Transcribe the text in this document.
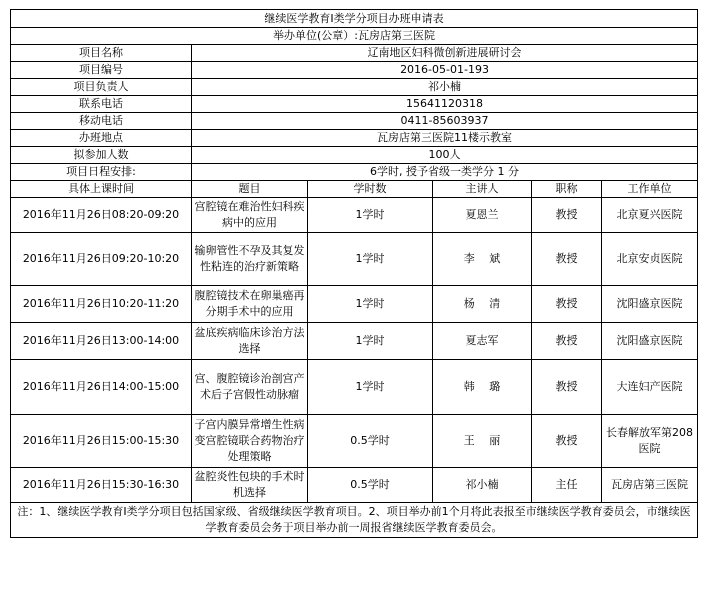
继续医学教育I类学分项目办班申请表					
举办单位(公章）:瓦房店第三医院					
项目名称	辽南地区妇科微创新进展研讨会				
项目编号	2016-05-01-193				
项目负责人	祁小楠				
联系电话	15641120318				
移动电话	0411-85603937				
办班地点	瓦房店第三医院11楼示教室				
拟参加人数	100人				
项目日程安排:	6学时, 授予省级一类学分 1 分				
具体上课时间	题目	学时数	主讲人	职称	工作单位
2016年11月26日08:20-09:20	宫腔镜在难治性妇科疾病中的应用	1学时	夏恩兰	教授	北京夏兴医院
2016年11月26日09:20-10:20	输卵管性不孕及其复发性粘连的治疗新策略	1学时	李　 斌	教授	北京安贞医院
2016年11月26日10:20-11:20	腹腔镜技术在卵巢癌再分期手术中的应用	1学时	杨　 清	教授	沈阳盛京医院
2016年11月26日13:00-14:00	盆底疾病临床诊治方法选择	1学时	夏志军	教授	沈阳盛京医院
2016年11月26日14:00-15:00	宫、腹腔镜诊治剖宫产术后子宫假性动脉瘤	1学时	韩　 璐	教授	大连妇产医院
2016年11月26日15:00-15:30	子宫内膜异常增生性病变宫腔镜联合药物治疗处理策略	0.5学时	王　 丽	教授	长春解放军第208医院
2016年11月26日15:30-16:30	盆腔炎性包块的手术时机选择	0.5学时	祁小楠	主任	瓦房店第三医院
注：1、继续医学教育Ⅰ类学分项目包括国家级、省级继续医学教育项目。2、项目举办前1个月将此表报至市继续医学教育委员会，市继续医学教育委员会务于项目举办前一周报省继续医学教育委员会。					
